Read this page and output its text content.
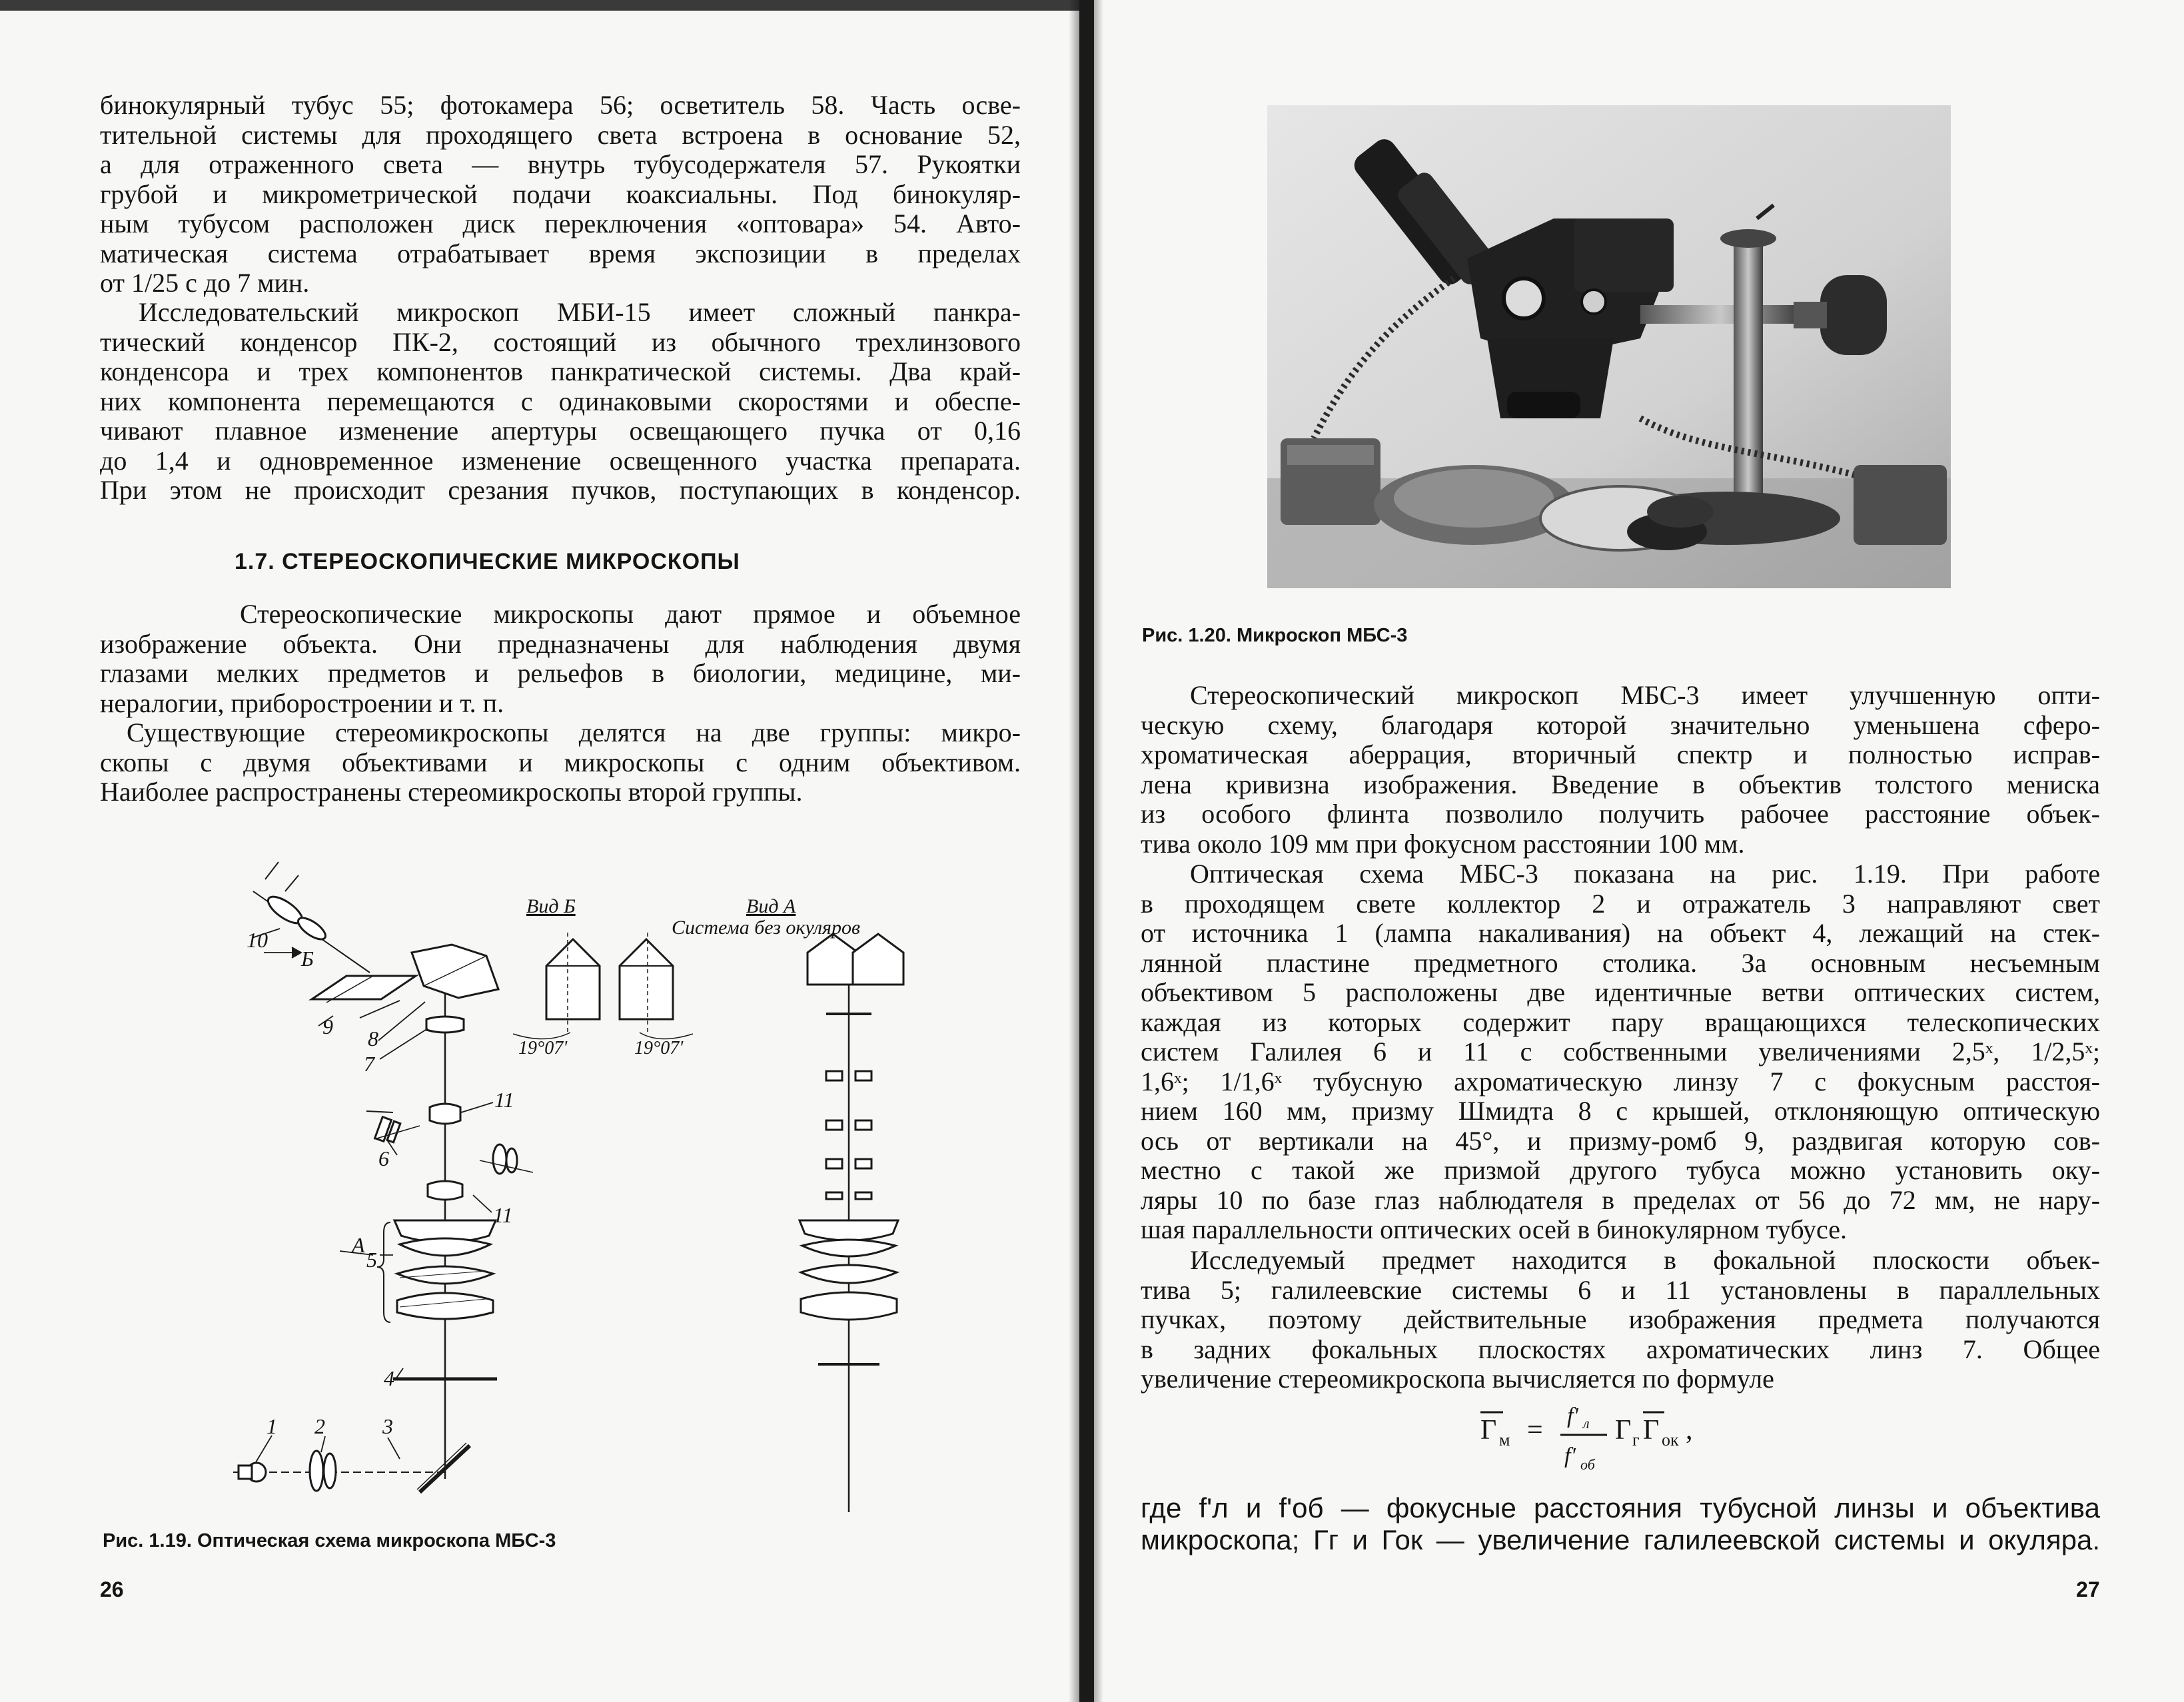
бинокулярный тубус 55; фотокамера 56; осветитель 58. Часть осве-
тительной системы для проходящего света встроена в основание 52,
а для отраженного света — внутрь тубусодержателя 57. Рукоятки
грубой и микрометрической подачи коаксиальны. Под бинокуляр-
ным тубусом расположен диск переключения «оптовара» 54. Авто-
матическая система отрабатывает время экспозиции в пределах
от 1/25 с до 7 мин.
Исследовательский микроскоп МБИ-15 имеет сложный панкра-
тический конденсор ПК-2, состоящий из обычного трехлинзового
конденсора и трех компонентов панкратической системы. Два край-
них компонента перемещаются с одинаковыми скоростями и обеспе-
чивают плавное изменение апертуры освещающего пучка от 0,16
до 1,4 и одновременное изменение освещенного участка препарата.
При этом не происходит срезания пучков, поступающих в конденсор.
1.7. СТЕРЕОСКОПИЧЕСКИЕ МИКРОСКОПЫ
Стереоскопические микроскопы дают прямое и объемное
изображение объекта. Они предназначены для наблюдения двумя
глазами мелких предметов и рельефов в биологии, медицине, ми-
нералогии, приборостроении и т. п.
Существующие стереомикроскопы делятся на две группы: микро-
скопы с двумя объективами и микроскопы с одним объективом.
Наиболее распространены стереомикроскопы второй группы.
10
Б
9 8
7
11
6
11
А
5
4
1 2	3
Вид Б	Вид А
Система без окуляров
19°07'	19°07'
Рис. 1.19. Оптическая схема микроскопа МБС-3
26
Рис. 1.20. Микроскоп МБС-3
Стереоскопический микроскоп МБС-3 имеет улучшенную опти-
ческую схему, благодаря которой значительно уменьшена сферо-
хроматическая аберрация, вторичный спектр и полностью исправ-
лена кривизна изображения. Введение в объектив толстого мениска
из особого флинта позволило получить рабочее расстояние объек-
тива около 109 мм при фокусном расстоянии 100 мм.
Оптическая схема МБС-3 показана на рис. 1.19. При работе
в проходящем свете коллектор 2 и отражатель 3 направляют свет
от источника 1 (лампа накаливания) на объект 4, лежащий на стек-
лянной пластине предметного столика. За основным несъемным
объективом 5 расположены две идентичные ветви оптических систем,
каждая из которых содержит пару вращающихся телескопических
систем Галилея 6 и 11 с собственными увеличениями 2,5ˣ, 1/2,5ˣ;
1,6ˣ; 1/1,6ˣ тубусную ахроматическую линзу 7 с фокусным расстоя-
нием 160 мм, призму Шмидта 8 с крышей, отклоняющую оптическую
ось от вертикали на 45°, и призму-ромб 9, раздвигая которую сов-
местно с такой же призмой другого тубуса можно установить оку-
ляры 10 по базе глаз наблюдателя в пределах от 56 до 72 мм, не нару-
шая параллельности оптических осей в бинокулярном тубусе.
Исследуемый предмет находится в фокальной плоскости объек-
тива 5; галилеевские системы 6 и 11 установлены в параллельных
пучках, поэтому действительные изображения предмета получаются
в задних фокальных плоскостях ахроматических линз 7. Общее
увеличение стереомикроскопа вычисляется по формуле
Г м = f' л
f' об
Г г Г ок ,
где f'л и f'об — фокусные расстояния тубусной линзы и объектива
микроскопа; Гг и Гок — увеличение галилеевской системы и окуляра.
27
